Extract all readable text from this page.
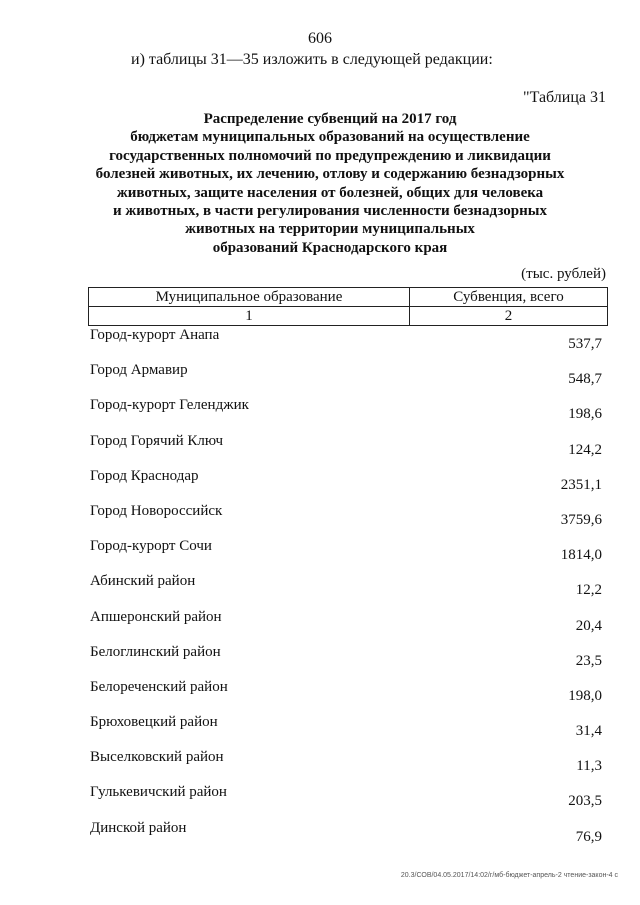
606
и) таблицы 31—35 изложить в следующей редакции:
"Таблица 31
Распределение субвенций на 2017 год
бюджетам муниципальных образований на осуществление
государственных полномочий по предупреждению и ликвидации
болезней животных, их лечению, отлову и содержанию безнадзорных
животных, защите населения от болезней, общих для человека
и животных, в части регулирования численности безнадзорных
животных на территории муниципальных
образований Краснодарского края
(тыс. рублей)
Муниципальное образование	Субвенция, всего
1	2
Город-курорт Анапа
537,7
Город Армавир
548,7
Город-курорт Геленджик
198,6
Город Горячий Ключ
124,2
Город Краснодар
2351,1
Город Новороссийск
3759,6
Город-курорт Сочи
1814,0
Абинский район
12,2
Апшеронский район
20,4
Белоглинский район
23,5
Белореченский район
198,0
Брюховецкий район
31,4
Выселковский район
11,3
Гулькевичский район
203,5
Динской район
76,9
20.3/СОВ/04.05.2017/14:02/г/мб-бюджет-апрель-2 чтение-закон-4 с
